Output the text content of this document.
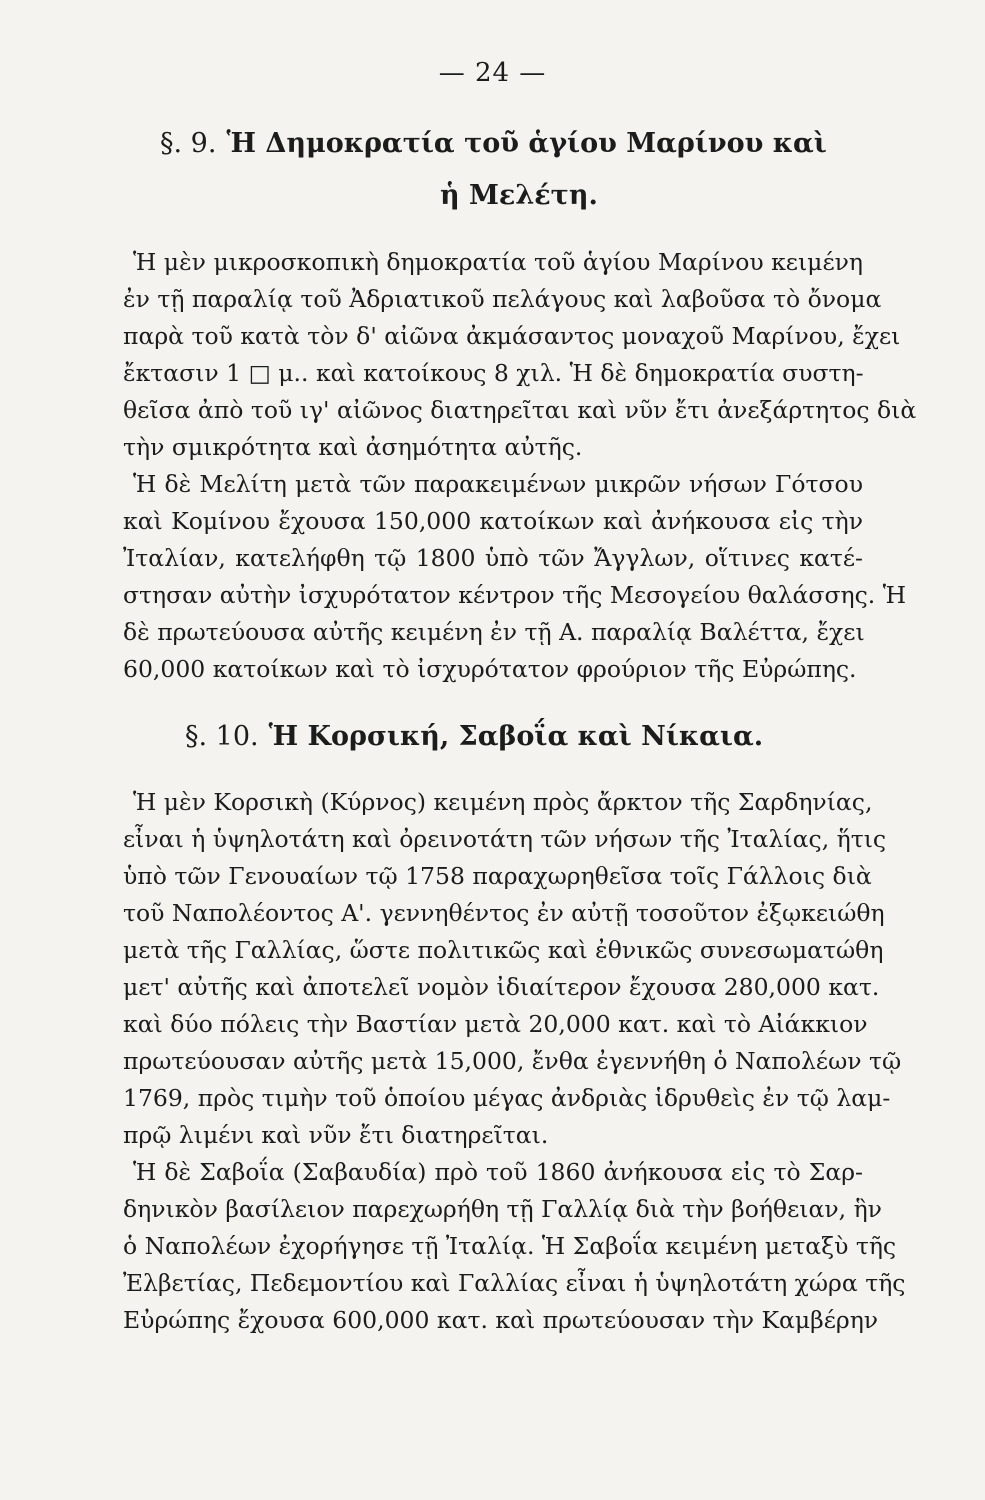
— 24 —
§. 9. Ἡ Δημοκρατία τοῦ ἁγίου Μαρίνου καὶ
ἡ Μελέτη.
Ἡ μὲν μικροσκοπικὴ δημοκρατία τοῦ ἁγίου Μαρίνου κειμένη
ἐν τῇ παραλίᾳ τοῦ Ἀδριατικοῦ πελάγους καὶ λαβοῦσα τὸ ὄνομα
παρὰ τοῦ κατὰ τὸν δ' αἰῶνα ἀκμάσαντος μοναχοῦ Μαρίνου, ἔχει
ἔκτασιν 1 □ μ.. καὶ κατοίκους 8 χιλ. Ἡ δὲ δημοκρατία συστη-
θεῖσα ἀπὸ τοῦ ιγ' αἰῶνος διατηρεῖται καὶ νῦν ἔτι ἀνεξάρτητος διὰ
τὴν σμικρότητα καὶ ἀσημότητα αὐτῆς.
Ἡ δὲ Μελίτη μετὰ τῶν παρακειμένων μικρῶν νήσων Γότσου
καὶ Κομίνου ἔχουσα 150,000 κατοίκων καὶ ἀνήκουσα εἰς τὴν
Ἰταλίαν, κατελήφθη τῷ 1800 ὑπὸ τῶν Ἄγγλων, οἵτινες κατέ-
στησαν αὐτὴν ἰσχυρότατον κέντρον τῆς Μεσογείου θαλάσσης. Ἡ
δὲ πρωτεύουσα αὐτῆς κειμένη ἐν τῇ Α. παραλίᾳ Βαλέττα, ἔχει
60,000 κατοίκων καὶ τὸ ἰσχυρότατον φρούριον τῆς Εὐρώπης.
§. 10. Ἡ Κορσική, Σαβοΐα καὶ Νίκαια.
Ἡ μὲν Κορσικὴ (Κύρνος) κειμένη πρὸς ἄρκτον τῆς Σαρδηνίας,
εἶναι ἡ ὑψηλοτάτη καὶ ὀρεινοτάτη τῶν νήσων τῆς Ἰταλίας, ἥτις
ὑπὸ τῶν Γενουαίων τῷ 1758 παραχωρηθεῖσα τοῖς Γάλλοις διὰ
τοῦ Ναπολέοντος Α'. γεννηθέντος ἐν αὐτῇ τοσοῦτον ἐξῳκειώθη
μετὰ τῆς Γαλλίας, ὥστε πολιτικῶς καὶ ἐθνικῶς συνεσωματώθη
μετ' αὐτῆς καὶ ἀποτελεῖ νομὸν ἰδιαίτερον ἔχουσα 280,000 κατ.
καὶ δύο πόλεις τὴν Βαστίαν μετὰ 20,000 κατ. καὶ τὸ Αἰάκκιον
πρωτεύουσαν αὐτῆς μετὰ 15,000, ἔνθα ἐγεννήθη ὁ Ναπολέων τῷ
1769, πρὸς τιμὴν τοῦ ὁποίου μέγας ἀνδριὰς ἱδρυθεὶς ἐν τῷ λαμ-
πρῷ λιμένι καὶ νῦν ἔτι διατηρεῖται.
Ἡ δὲ Σαβοΐα (Σαβαυδία) πρὸ τοῦ 1860 ἀνήκουσα εἰς τὸ Σαρ-
δηνικὸν βασίλειον παρεχωρήθη τῇ Γαλλίᾳ διὰ τὴν βοήθειαν, ἣν
ὁ Ναπολέων ἐχορήγησε τῇ Ἰταλίᾳ. Ἡ Σαβοΐα κειμένη μεταξὺ τῆς
Ἐλβετίας, Πεδεμοντίου καὶ Γαλλίας εἶναι ἡ ὑψηλοτάτη χώρα τῆς
Εὐρώπης ἔχουσα 600,000 κατ. καὶ πρωτεύουσαν τὴν Καμβέρην
